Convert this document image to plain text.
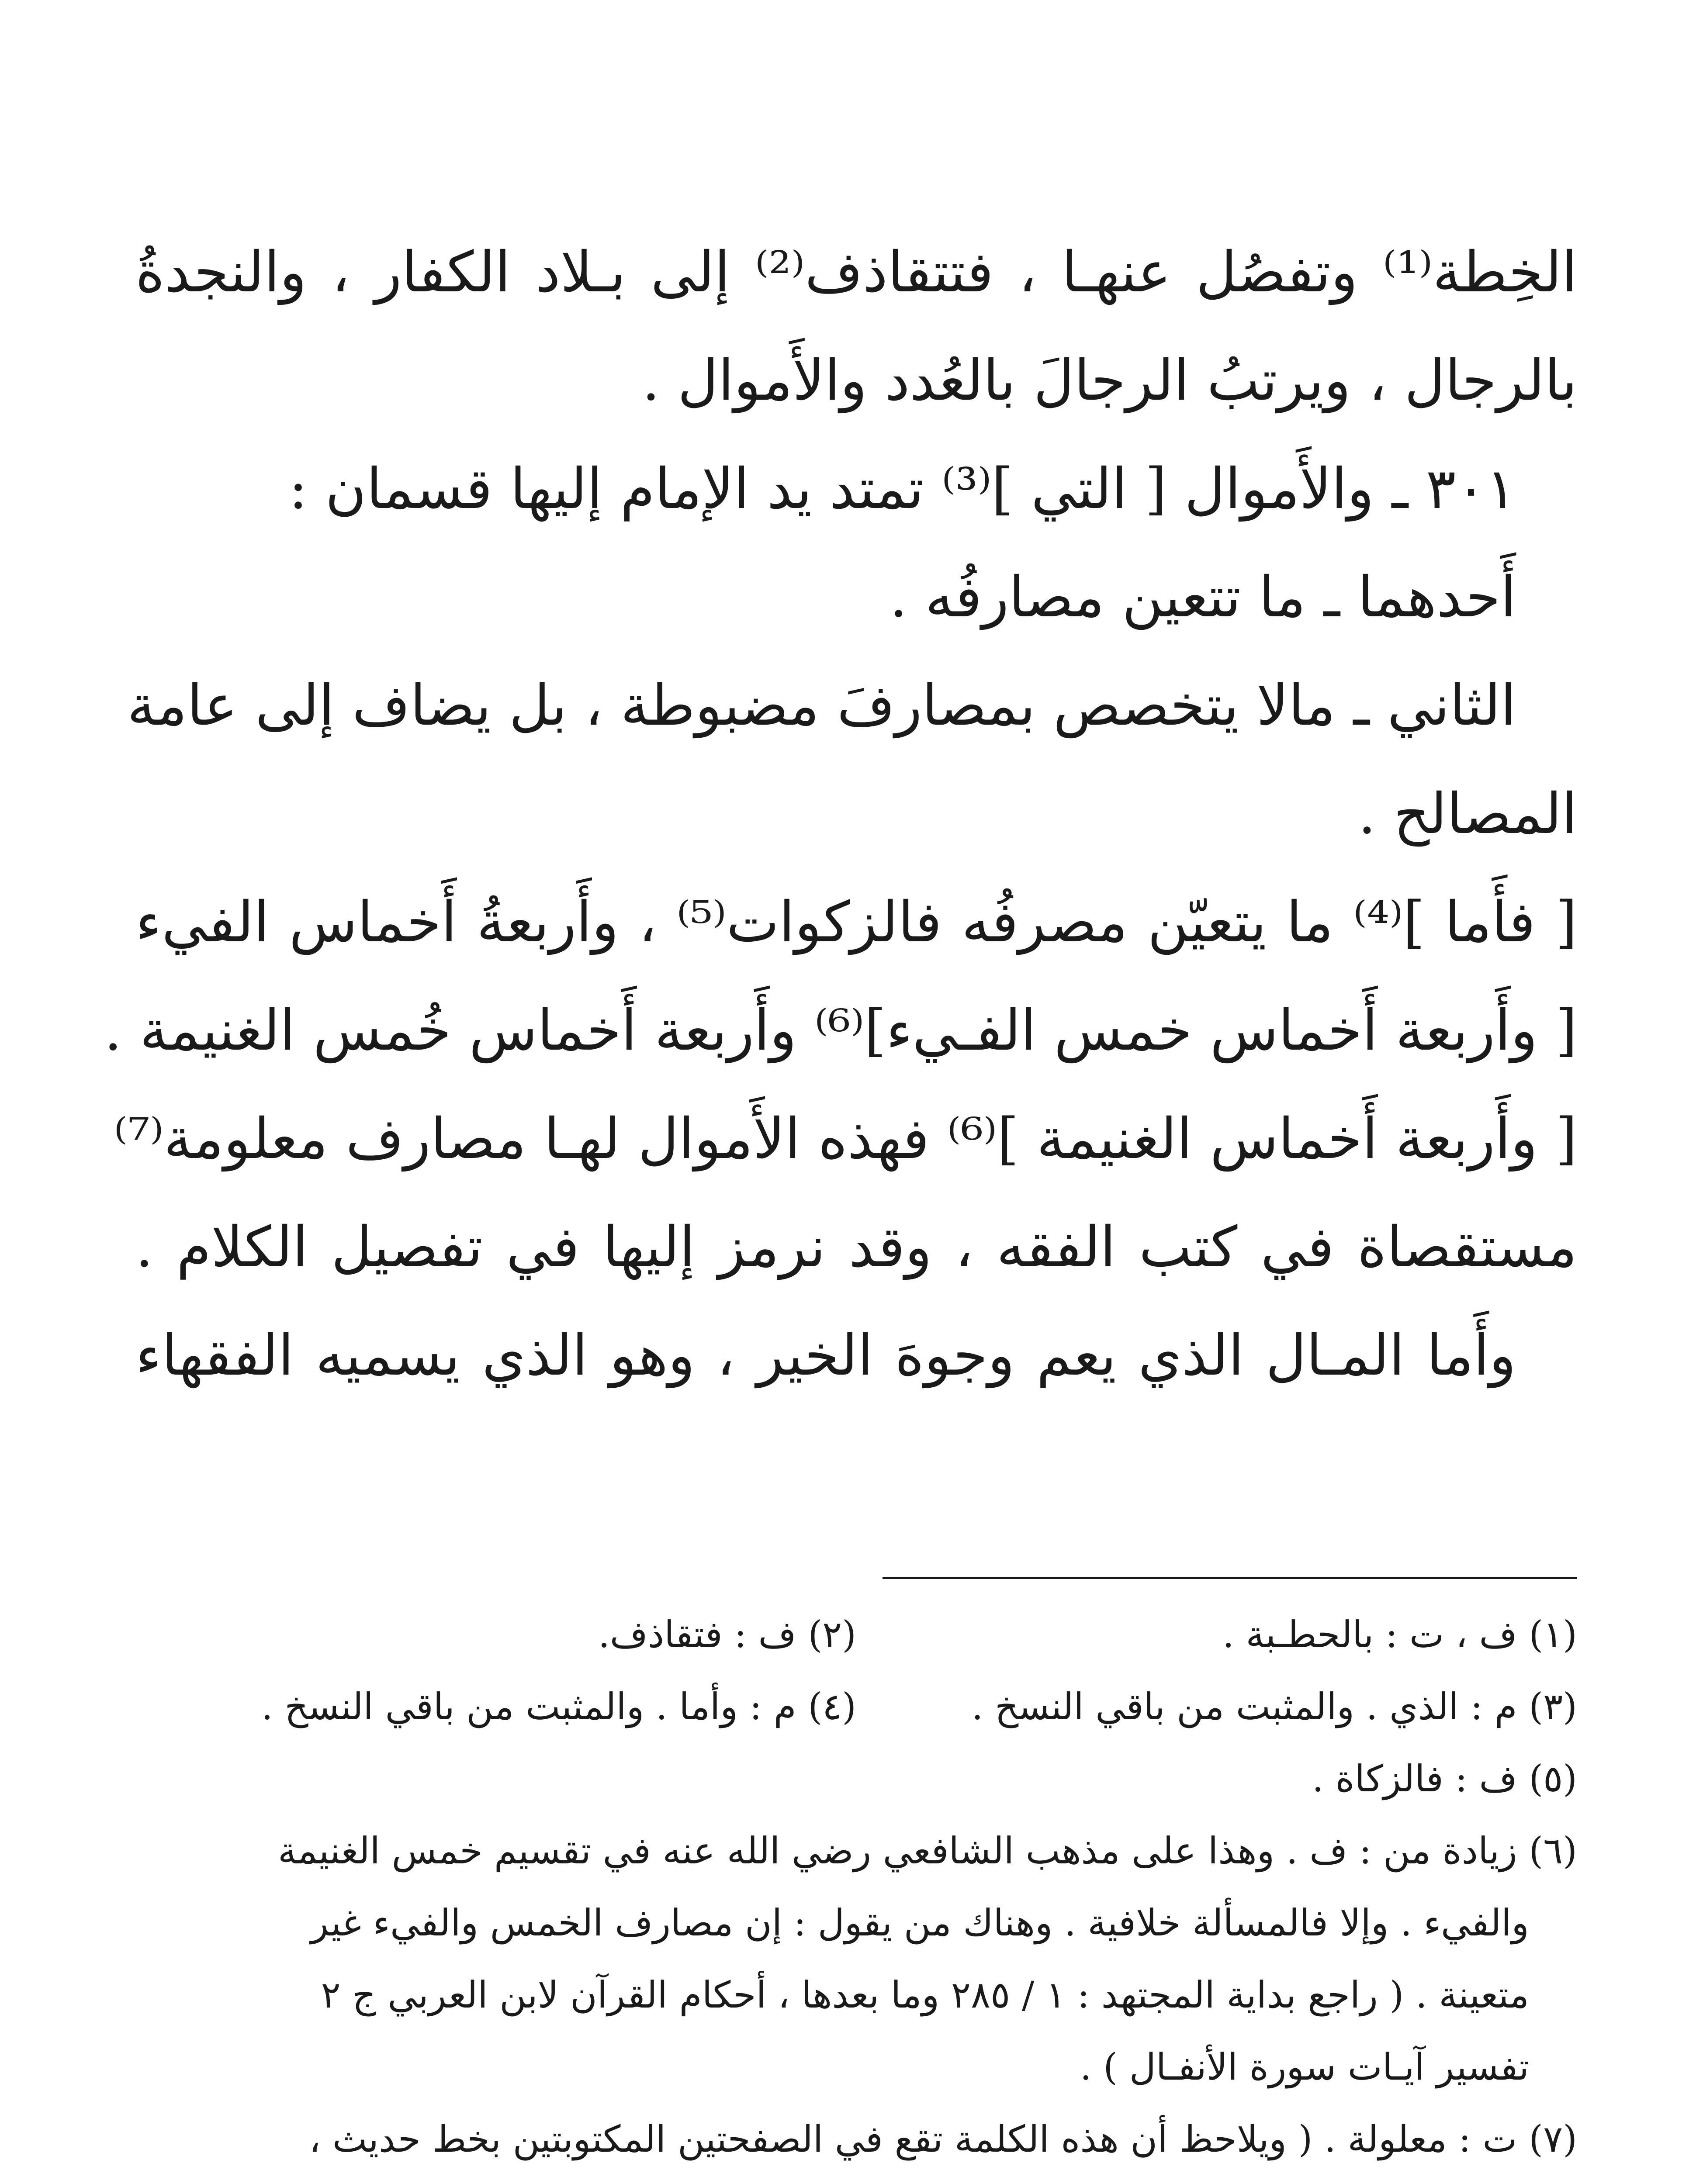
الخِطة⁽¹⁾ وتفصُل عنهـا ، فتتقاذف⁽²⁾ إلى بـلاد الكفار ، والنجدةُ
بالرجال ، ويرتبُ الرجالَ بالعُدد والأَموال .
٣٠١ ـ والأَموال [ التي ]⁽³⁾ تمتد يد الإمام إليها قسمان :
أَحدهما ـ ما تتعين مصارفُه .
الثاني ـ مالا يتخصص بمصارفَ مضبوطة ، بل يضاف إلى عامة
المصالح .
[ فأَما ]⁽⁴⁾ ما يتعيّن مصرفُه فالزكوات⁽⁵⁾ ، وأَربعةُ أَخماس الفيء
[ وأَربعة أَخماس خمس الفـيء]⁽⁶⁾ وأَربعة أَخماس خُمس الغنيمة .
[ وأَربعة أَخماس الغنيمة ]⁽⁶⁾ فهذه الأَموال لهـا مصارف معلومة⁽⁷⁾
مستقصاة في كتب الفقه ، وقد نرمز إليها في تفصيل الكلام .
وأَما المـال الذي يعم وجوهَ الخير ، وهو الذي يسميه الفقهاء
(١) ف ، ت : بالحطـبة .
(٢) ف : فتقاذف.
(٣) م : الذي . والمثبت من باقي النسخ .
(٤) م : وأما . والمثبت من باقي النسخ .
(٥) ف : فالزكاة .
(٦) زيادة من : ف . وهذا على مذهب الشافعي رضي الله عنه في تقسيم خمس الغنيمة
والفيء . وإلا فالمسألة خلافية . وهناك من يقول : إن مصارف الخمس والفيء غير
متعينة . ( راجع بداية المجتهد : ١ / ٢٨٥ وما بعدها ، أحكام القرآن لابن العربي ج ٢
تفسير آيـات سورة الأنفـال ) .
(٧) ت : معلولة . ( ويلاحظ أن هذه الكلمة تقع في الصفحتين المكتوبتين بخط حديث ،
